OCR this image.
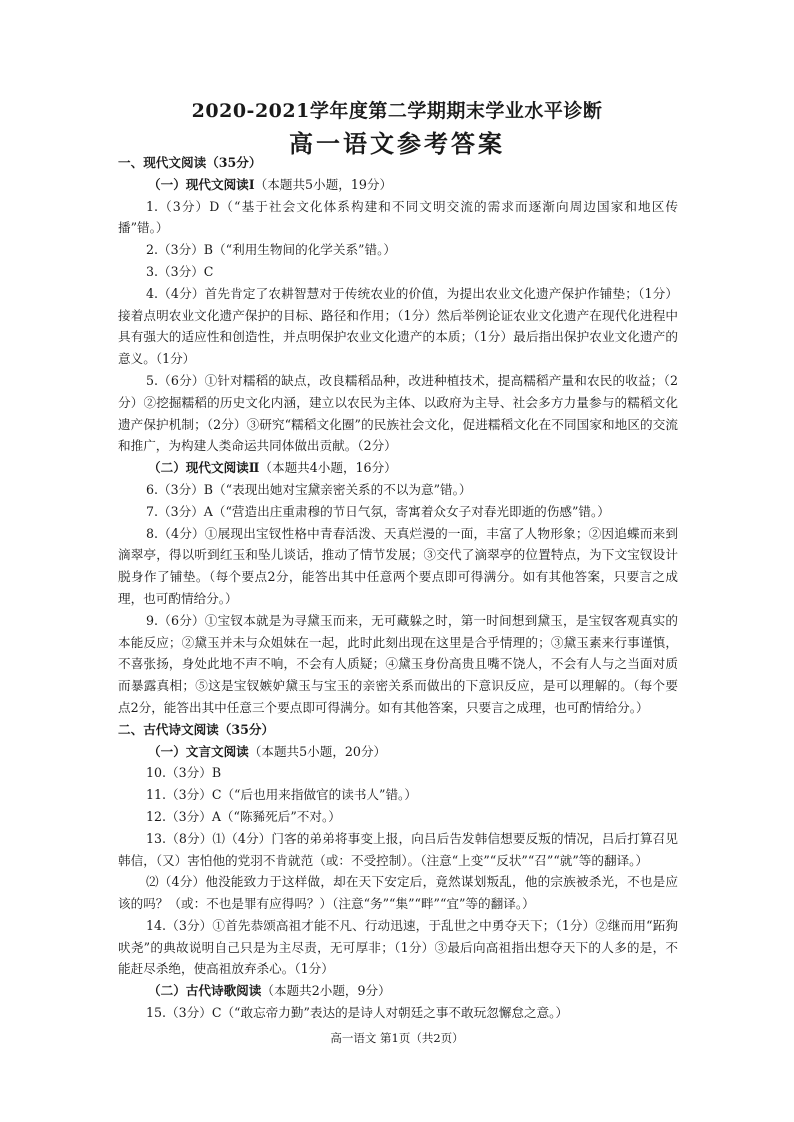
2020-2021学年度第二学期期末学业水平诊断
高一语文参考答案
一、现代文阅读（35分）
（一）现代文阅读Ⅰ（本题共5小题，19分）

1.（3分）D（“基于社会文化体系构建和不同文明交流的需求而逐渐向周边国家和地区传播”错。）

2.（3分）B（“利用生物间的化学关系”错。）

3.（3分）C

4.（4分）首先肯定了农耕智慧对于传统农业的价值，为提出农业文化遗产保护作铺垫；（1分）接着点明农业文化遗产保护的目标、路径和作用；（1分）然后举例论证农业文化遗产在现代化进程中具有强大的适应性和创造性，并点明保护农业文化遗产的本质；（1分）最后指出保护农业文化遗产的意义。（1分）

5.（6分）①针对糯稻的缺点，改良糯稻品种，改进种植技术，提高糯稻产量和农民的收益；（2分）②挖掘糯稻的历史文化内涵，建立以农民为主体、以政府为主导、社会多方力量参与的糯稻文化遗产保护机制；（2分）③研究“糯稻文化圈”的民族社会文化，促进糯稻文化在不同国家和地区的交流和推广，为构建人类命运共同体做出贡献。（2分）

（二）现代文阅读Ⅱ（本题共4小题，16分）

6.（3分）B（“表现出她对宝黛亲密关系的不以为意”错。）

7.（3分）A（“营造出庄重肃穆的节日气氛，寄寓着众女子对春光即逝的伤感”错。）

8.（4分）①展现出宝钗性格中青春活泼、天真烂漫的一面，丰富了人物形象；②因追蝶而来到滴翠亭，得以听到红玉和坠儿谈话，推动了情节发展；③交代了滴翠亭的位置特点，为下文宝钗设计脱身作了铺垫。（每个要点2分，能答出其中任意两个要点即可得满分。如有其他答案，只要言之成理，也可酌情给分。）

9.（6分）①宝钗本就是为寻黛玉而来，无可藏躲之时，第一时间想到黛玉，是宝钗客观真实的本能反应；②黛玉并未与众姐妹在一起，此时此刻出现在这里是合乎情理的；③黛玉素来行事谨慎，不喜张扬，身处此地不声不响，不会有人质疑；④黛玉身份高贵且嘴不饶人，不会有人与之当面对质而暴露真相；⑤这是宝钗嫉妒黛玉与宝玉的亲密关系而做出的下意识反应，是可以理解的。（每个要点2分，能答出其中任意三个要点即可得满分。如有其他答案，只要言之成理，也可酌情给分。）

二、古代诗文阅读（35分）
（一）文言文阅读（本题共5小题，20分）

10.（3分）B

11.（3分）C（“后也用来指做官的读书人”错。）

12.（3分）A（“陈豨死后”不对。）

13.（8分）⑴（4分）门客的弟弟将事变上报，向吕后告发韩信想要反叛的情况，吕后打算召见韩信，（又）害怕他的党羽不肯就范（或：不受控制）。（注意“上变”“反状”“召”“就”等的翻译。）

⑵（4分）他没能致力于这样做，却在天下安定后，竟然谋划叛乱，他的宗族被杀光，不也是应该的吗？（或：不也是罪有应得吗？）（注意“务”“集”“畔”“宜”等的翻译。）

14.（3分）①首先恭颂高祖才能不凡、行动迅速，于乱世之中勇夺天下；（1分）②继而用“跖狗吠尧”的典故说明自己只是为主尽责，无可厚非；（1分）③最后向高祖指出想夺天下的人多的是，不能赶尽杀绝，使高祖放弃杀心。（1分）

（二）古代诗歌阅读（本题共2小题，9分）

15.（3分）C（“敢忘帝力勤”表达的是诗人对朝廷之事不敢玩忽懈怠之意。）

高一语文 第1页（共2页）
